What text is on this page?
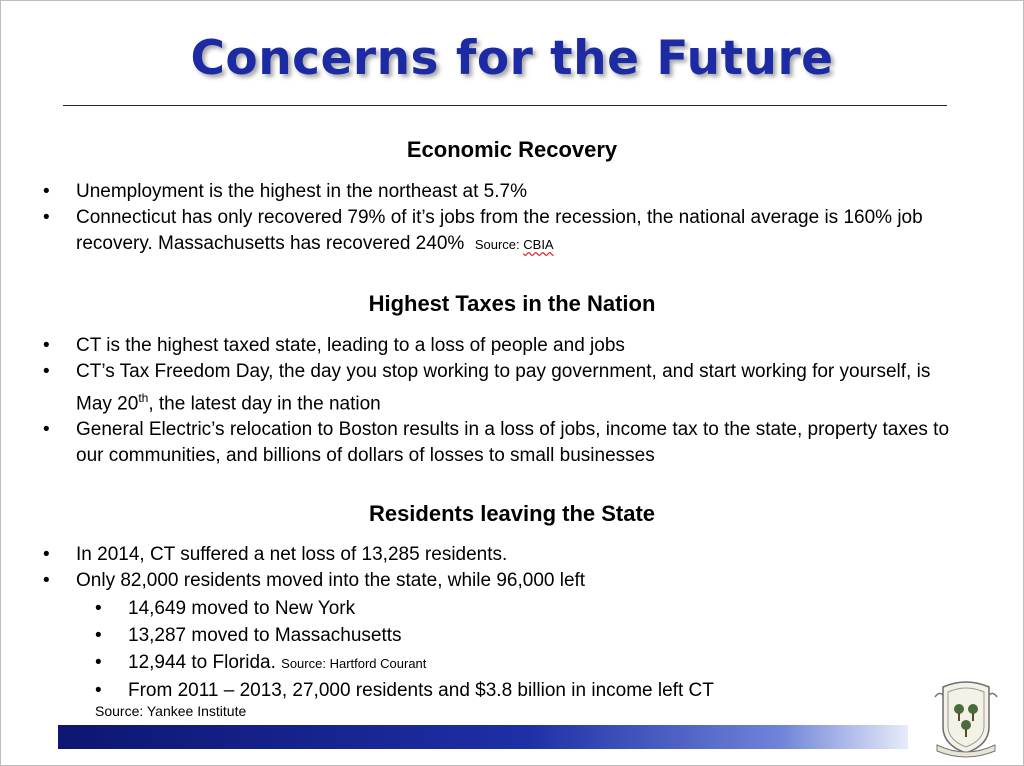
Concerns for the Future
Economic Recovery
• Unemployment is the highest in the northeast at 5.7%
• Connecticut has only recovered 79% of it’s jobs from the recession, the national average is 160% job recovery. Massachusetts has recovered 240% Source: CBIA
Highest Taxes in the Nation
• CT is the highest taxed state, leading to a loss of people and jobs
• CT’s Tax Freedom Day, the day you stop working to pay government, and start working for yourself, is May 20th, the latest day in the nation
• General Electric’s relocation to Boston results in a loss of jobs, income tax to the state, property taxes to our communities, and billions of dollars of losses to small businesses
Residents leaving the State
• In 2014, CT suffered a net loss of 13,285 residents.
• Only 82,000 residents moved into the state, while 96,000 left
• 14,649 moved to New York
• 13,287 moved to Massachusetts
• 12,944 to Florida. Source: Hartford Courant
• From 2011 – 2013, 27,000 residents and $3.8 billion in income left CT
Source: Yankee Institute
